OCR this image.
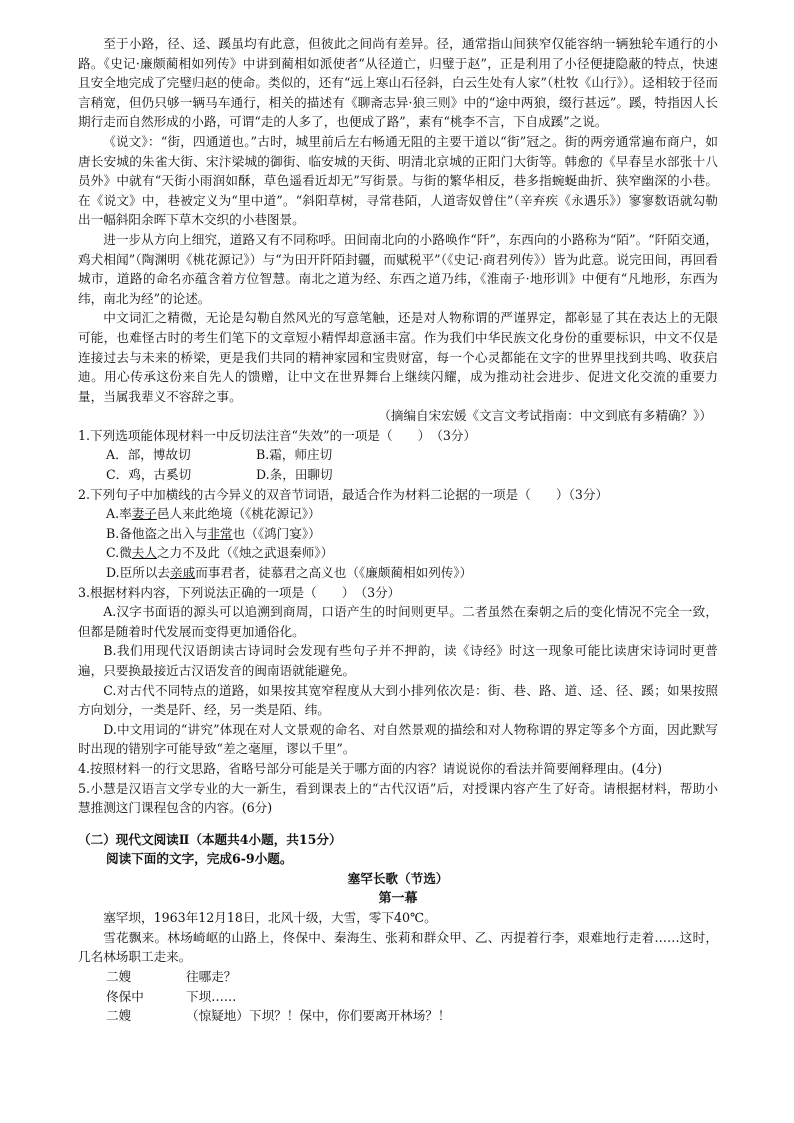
至于小路，径、迳、蹊虽均有此意，但彼此之间尚有差异。径，通常指山间狭窄仅能容纳一辆独轮车通行的小路。《史记·廉颇蔺相如列传》中讲到蔺相如派使者“从径道亡，归璧于赵”，正是利用了小径便捷隐蔽的特点，快速且安全地完成了完璧归赵的使命。类似的，还有“远上寒山石径斜，白云生处有人家”（杜牧《山行》）。迳相较于径而言稍宽，但仍只够一辆马车通行，相关的描述有《聊斋志异·狼三则》中的“途中两狼，缀行甚远”。蹊，特指因人长期行走而自然形成的小路，可谓“走的人多了，也便成了路”，素有“桃李不言，下自成蹊”之说。

《说文》：“街，四通道也。”古时，城里前后左右畅通无阻的主要干道以“街”冠之。街的两旁通常遍布商户，如唐长安城的朱雀大街、宋汴梁城的御街、临安城的天街、明清北京城的正阳门大街等。韩愈的《早春呈水部张十八员外》中就有“天街小雨润如酥，草色遥看近却无”写街景。与街的繁华相反，巷多指蜿蜒曲折、狭窄幽深的小巷。在《说文》中，巷被定义为“里中道”。“斜阳草树，寻常巷陌，人道寄奴曾住”（辛弃疾《永遇乐》）寥寥数语就勾勒出一幅斜阳余晖下草木交织的小巷图景。

进一步从方向上细究，道路又有不同称呼。田间南北向的小路唤作“阡”，东西向的小路称为“陌”。“阡陌交通，鸡犬相闻”（陶渊明《桃花源记》）与“为田开阡陌封疆，而赋税平”（《史记·商君列传》）皆为此意。说完田间，再回看城市，道路的命名亦蕴含着方位智慧。南北之道为经、东西之道乃纬，《淮南子·地形训》中便有“凡地形，东西为纬，南北为经”的论述。

中文词汇之精微，无论是勾勒自然风光的写意笔触，还是对人物称谓的严谨界定，都彰显了其在表达上的无限可能，也难怪古时的考生们笔下的文章短小精悍却意涵丰富。作为我们中华民族文化身份的重要标识，中文不仅是连接过去与未来的桥梁，更是我们共同的精神家园和宝贵财富，每一个心灵都能在文字的世界里找到共鸣、收获启迪。用心传承这份来自先人的馈赠，让中文在世界舞台上继续闪耀，成为推动社会进步、促进文化交流的重要力量，当属我辈义不容辞之事。

（摘编自宋宏媛《文言文考试指南：中文到底有多精确？》）

1.下列选项能体现材料一中反切法注音“失效”的一项是（　　）　（3分）

A．部，博故切	B.霜，师庄切
C．鸡，古奚切	D.条，田聊切

2.下列句子中加横线的古今异义的双音节词语，最适合作为材料二论据的一项是（　　）（3分）

A.率妻子邑人来此绝境（《桃花源记》）

B.备他盗之出入与非常也（《鸿门宴》）

C.微夫人之力不及此（《烛之武退秦师》）

D.臣所以去亲戚而事君者，徒慕君之高义也（《廉颇蔺相如列传》）

3.根据材料内容，下列说法正确的一项是（　　）　（3分）

A.汉字书面语的源头可以追溯到商周，口语产生的时间则更早。二者虽然在秦朝之后的变化情况不完全一致，但都是随着时代发展而变得更加通俗化。

B.我们用现代汉语朗读古诗词时会发现有些句子并不押韵，读《诗经》时这一现象可能比读唐宋诗词时更普遍，只要换最接近古汉语发音的闽南语就能避免。

C.对古代不同特点的道路，如果按其宽窄程度从大到小排列依次是：街、巷、路、道、迳、径、蹊；如果按照方向划分，一类是阡、经，另一类是陌、纬。

D.中文用词的“讲究”体现在对人文景观的命名、对自然景观的描绘和对人物称谓的界定等多个方面，因此默写时出现的错别字可能导致“差之毫厘，谬以千里”。

4.按照材料一的行文思路，省略号部分可能是关于哪方面的内容？请说说你的看法并简要阐释理由。(4分)

5.小慧是汉语言文学专业的大一新生，看到课表上的“古代汉语”后，对授课内容产生了好奇。请根据材料，帮助小慧推测这门课程包含的内容。(6分)

（二）现代文阅读Ⅱ（本题共4小题，共15分）

阅读下面的文字，完成6-9小题。

塞罕长歌（节选）

第一幕

塞罕坝，1963年12月18日，北风十级，大雪，零下40℃。

雪花飘来。林场崎岖的山路上，佟保中、秦海生、张莉和群众甲、乙、丙提着行李，艰难地行走着……这时，几名林场职工走来。

二嫂	往哪走？
佟保中	下坝……
二嫂	（惊疑地）下坝？！保中，你们要离开林场？！
